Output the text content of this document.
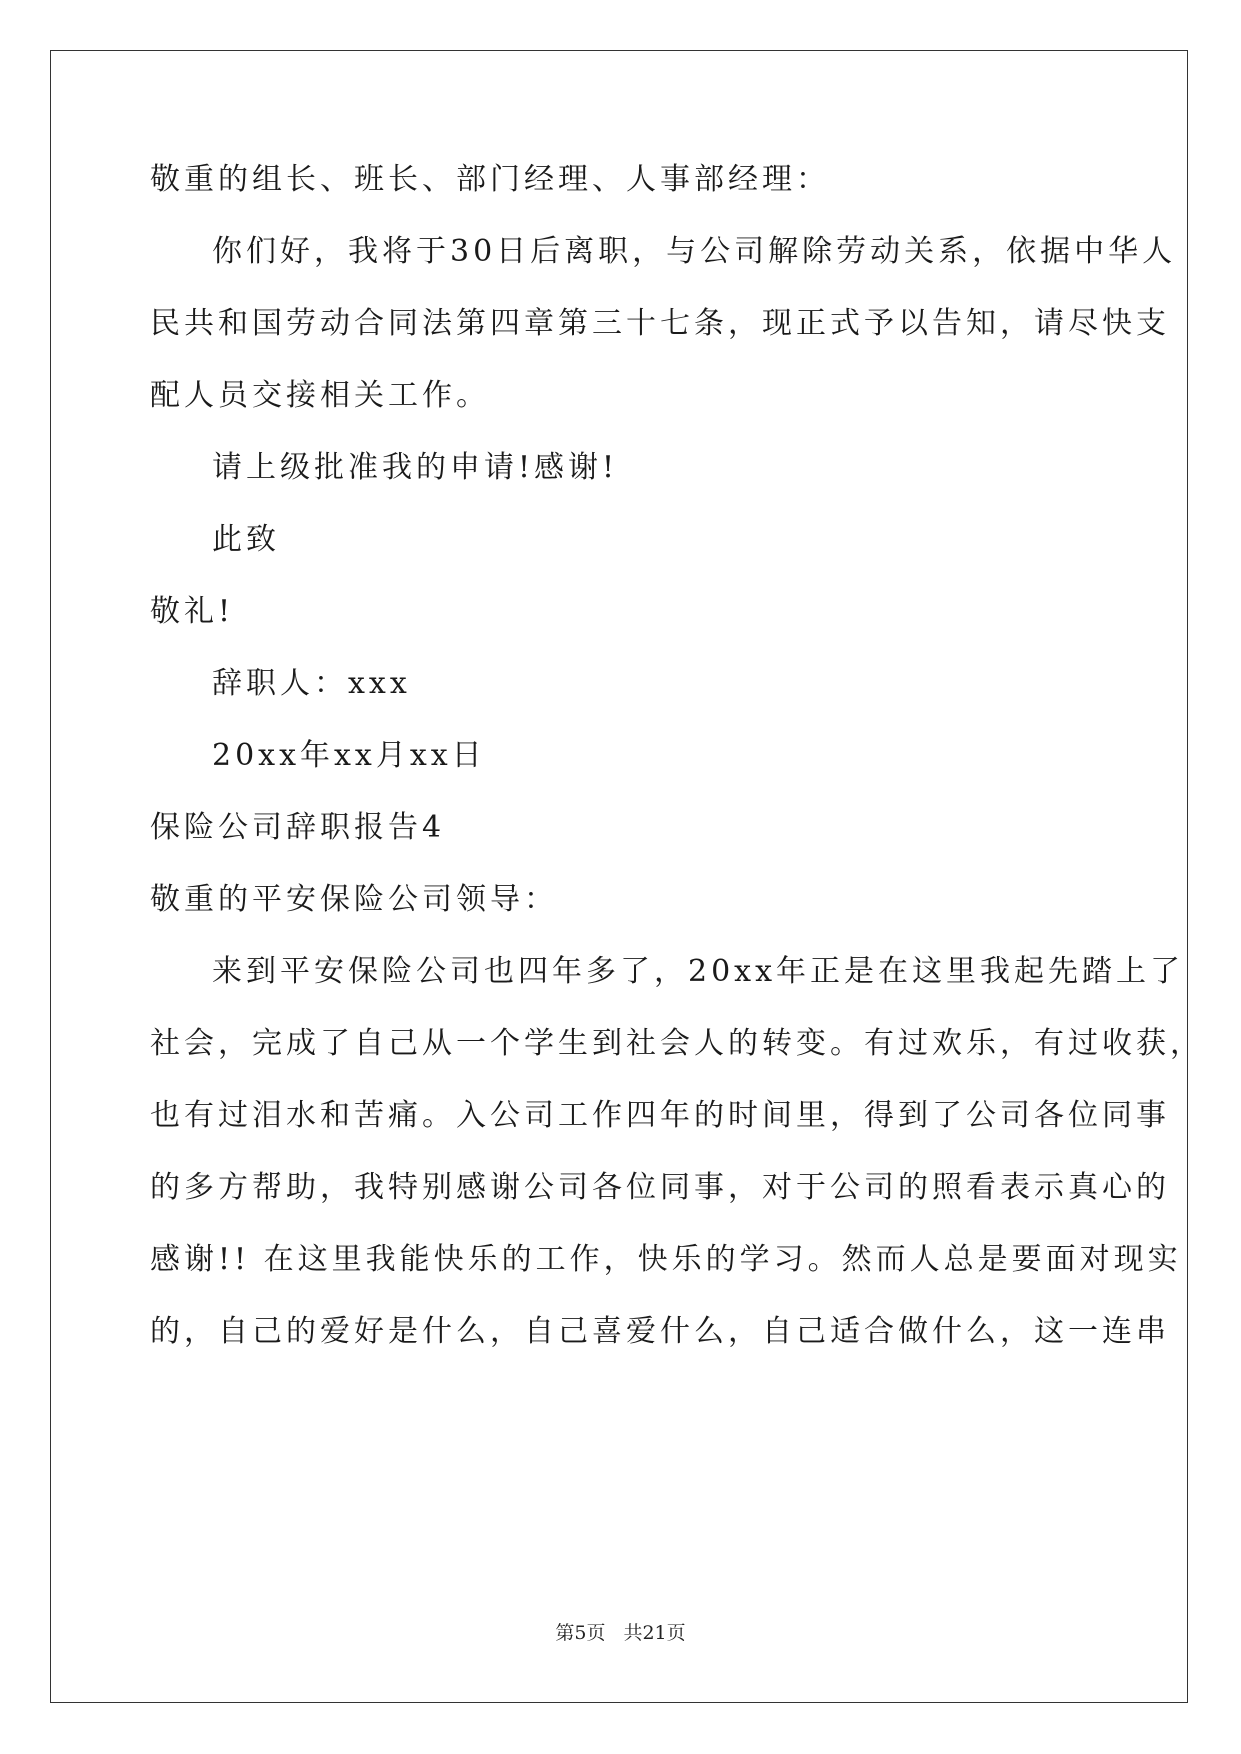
敬重的组长、班长、部门经理、人事部经理：
你们好，我将于30日后离职，与公司解除劳动关系，依据中华人
民共和国劳动合同法第四章第三十七条，现正式予以告知，请尽快支
配人员交接相关工作。
请上级批准我的申请!感谢!
此致
敬礼!
辞职人：xxx
20xx年xx月xx日
保险公司辞职报告4
敬重的平安保险公司领导：
来到平安保险公司也四年多了，20xx年正是在这里我起先踏上了
社会，完成了自己从一个学生到社会人的转变。有过欢乐，有过收获，
也有过泪水和苦痛。入公司工作四年的时间里，得到了公司各位同事
的多方帮助，我特别感谢公司各位同事，对于公司的照看表示真心的
感谢!! 在这里我能快乐的工作，快乐的学习。然而人总是要面对现实
的，自己的爱好是什么，自己喜爱什么，自己适合做什么，这一连串
第5页 共21页
